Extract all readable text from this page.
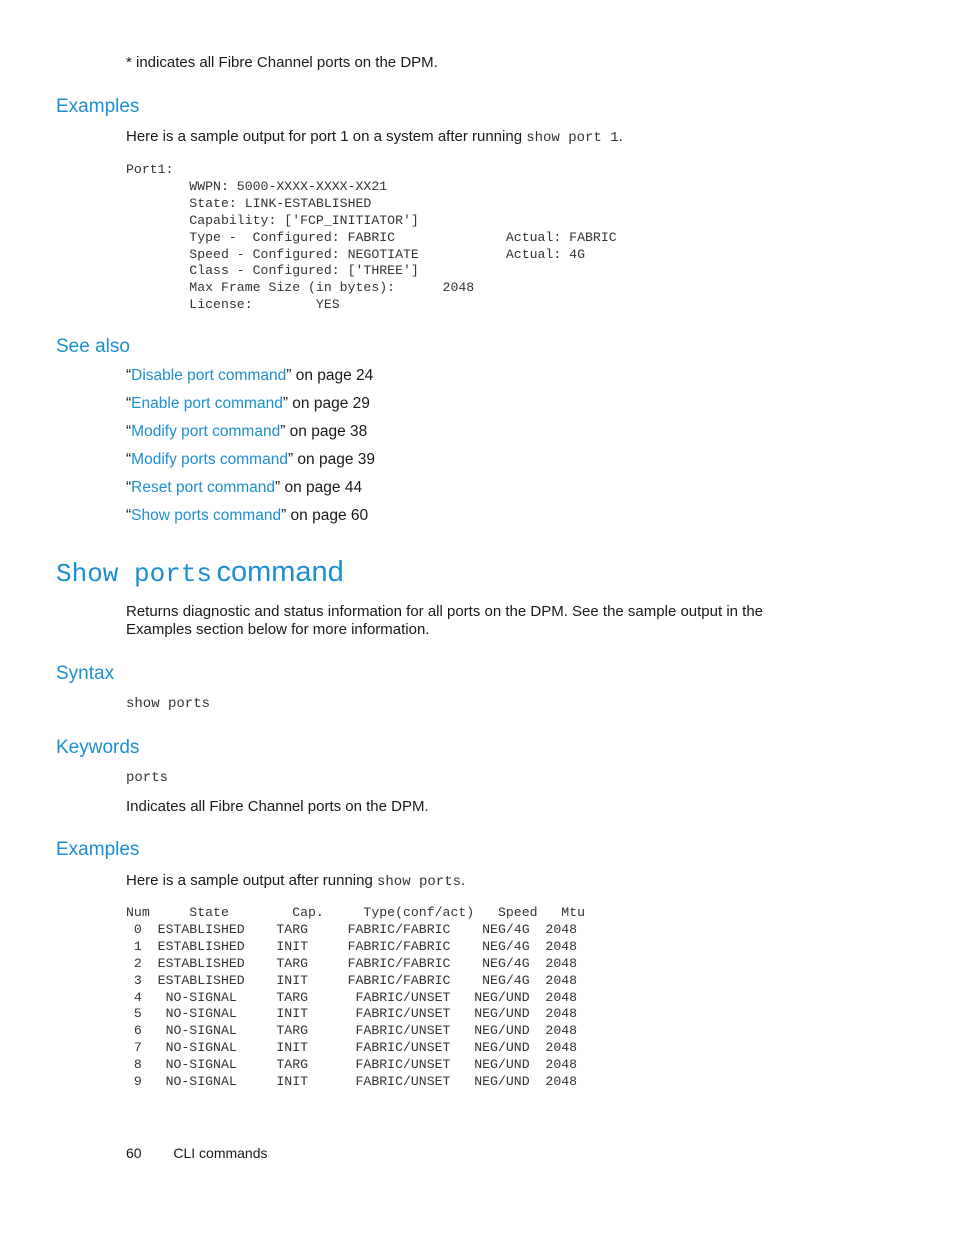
* indicates all Fibre Channel ports on the DPM.
Examples
Here is a sample output for port 1 on a system after running show port 1.
Port1:
WWPN: 5000-XXXX-XXXX-XX21
State: LINK-ESTABLISHED
Capability: ['FCP_INITIATOR']
Type -  Configured: FABRIC              Actual: FABRIC
Speed - Configured: NEGOTIATE           Actual: 4G
Class - Configured: ['THREE']
Max Frame Size (in bytes):      2048
License:        YES
See also
“Disable port command” on page 24
“Enable port command” on page 29
“Modify port command” on page 38
“Modify ports command” on page 39
“Reset port command” on page 44
“Show ports command” on page 60
Show ports command
Returns diagnostic and status information for all ports on the DPM. See the sample output in the
Examples section below for more information.
Syntax
show ports
Keywords
ports
Indicates all Fibre Channel ports on the DPM.
Examples
Here is a sample output after running show ports.
Num     State        Cap.     Type(conf/act)   Speed   Mtu
0  ESTABLISHED    TARG     FABRIC/FABRIC    NEG/4G  2048
1  ESTABLISHED    INIT     FABRIC/FABRIC    NEG/4G  2048
2  ESTABLISHED    TARG     FABRIC/FABRIC    NEG/4G  2048
3  ESTABLISHED    INIT     FABRIC/FABRIC    NEG/4G  2048
4   NO-SIGNAL     TARG      FABRIC/UNSET   NEG/UND  2048
5   NO-SIGNAL     INIT      FABRIC/UNSET   NEG/UND  2048
6   NO-SIGNAL     TARG      FABRIC/UNSET   NEG/UND  2048
7   NO-SIGNAL     INIT      FABRIC/UNSET   NEG/UND  2048
8   NO-SIGNAL     TARG      FABRIC/UNSET   NEG/UND  2048
9   NO-SIGNAL     INIT      FABRIC/UNSET   NEG/UND  2048
60 CLI commands
